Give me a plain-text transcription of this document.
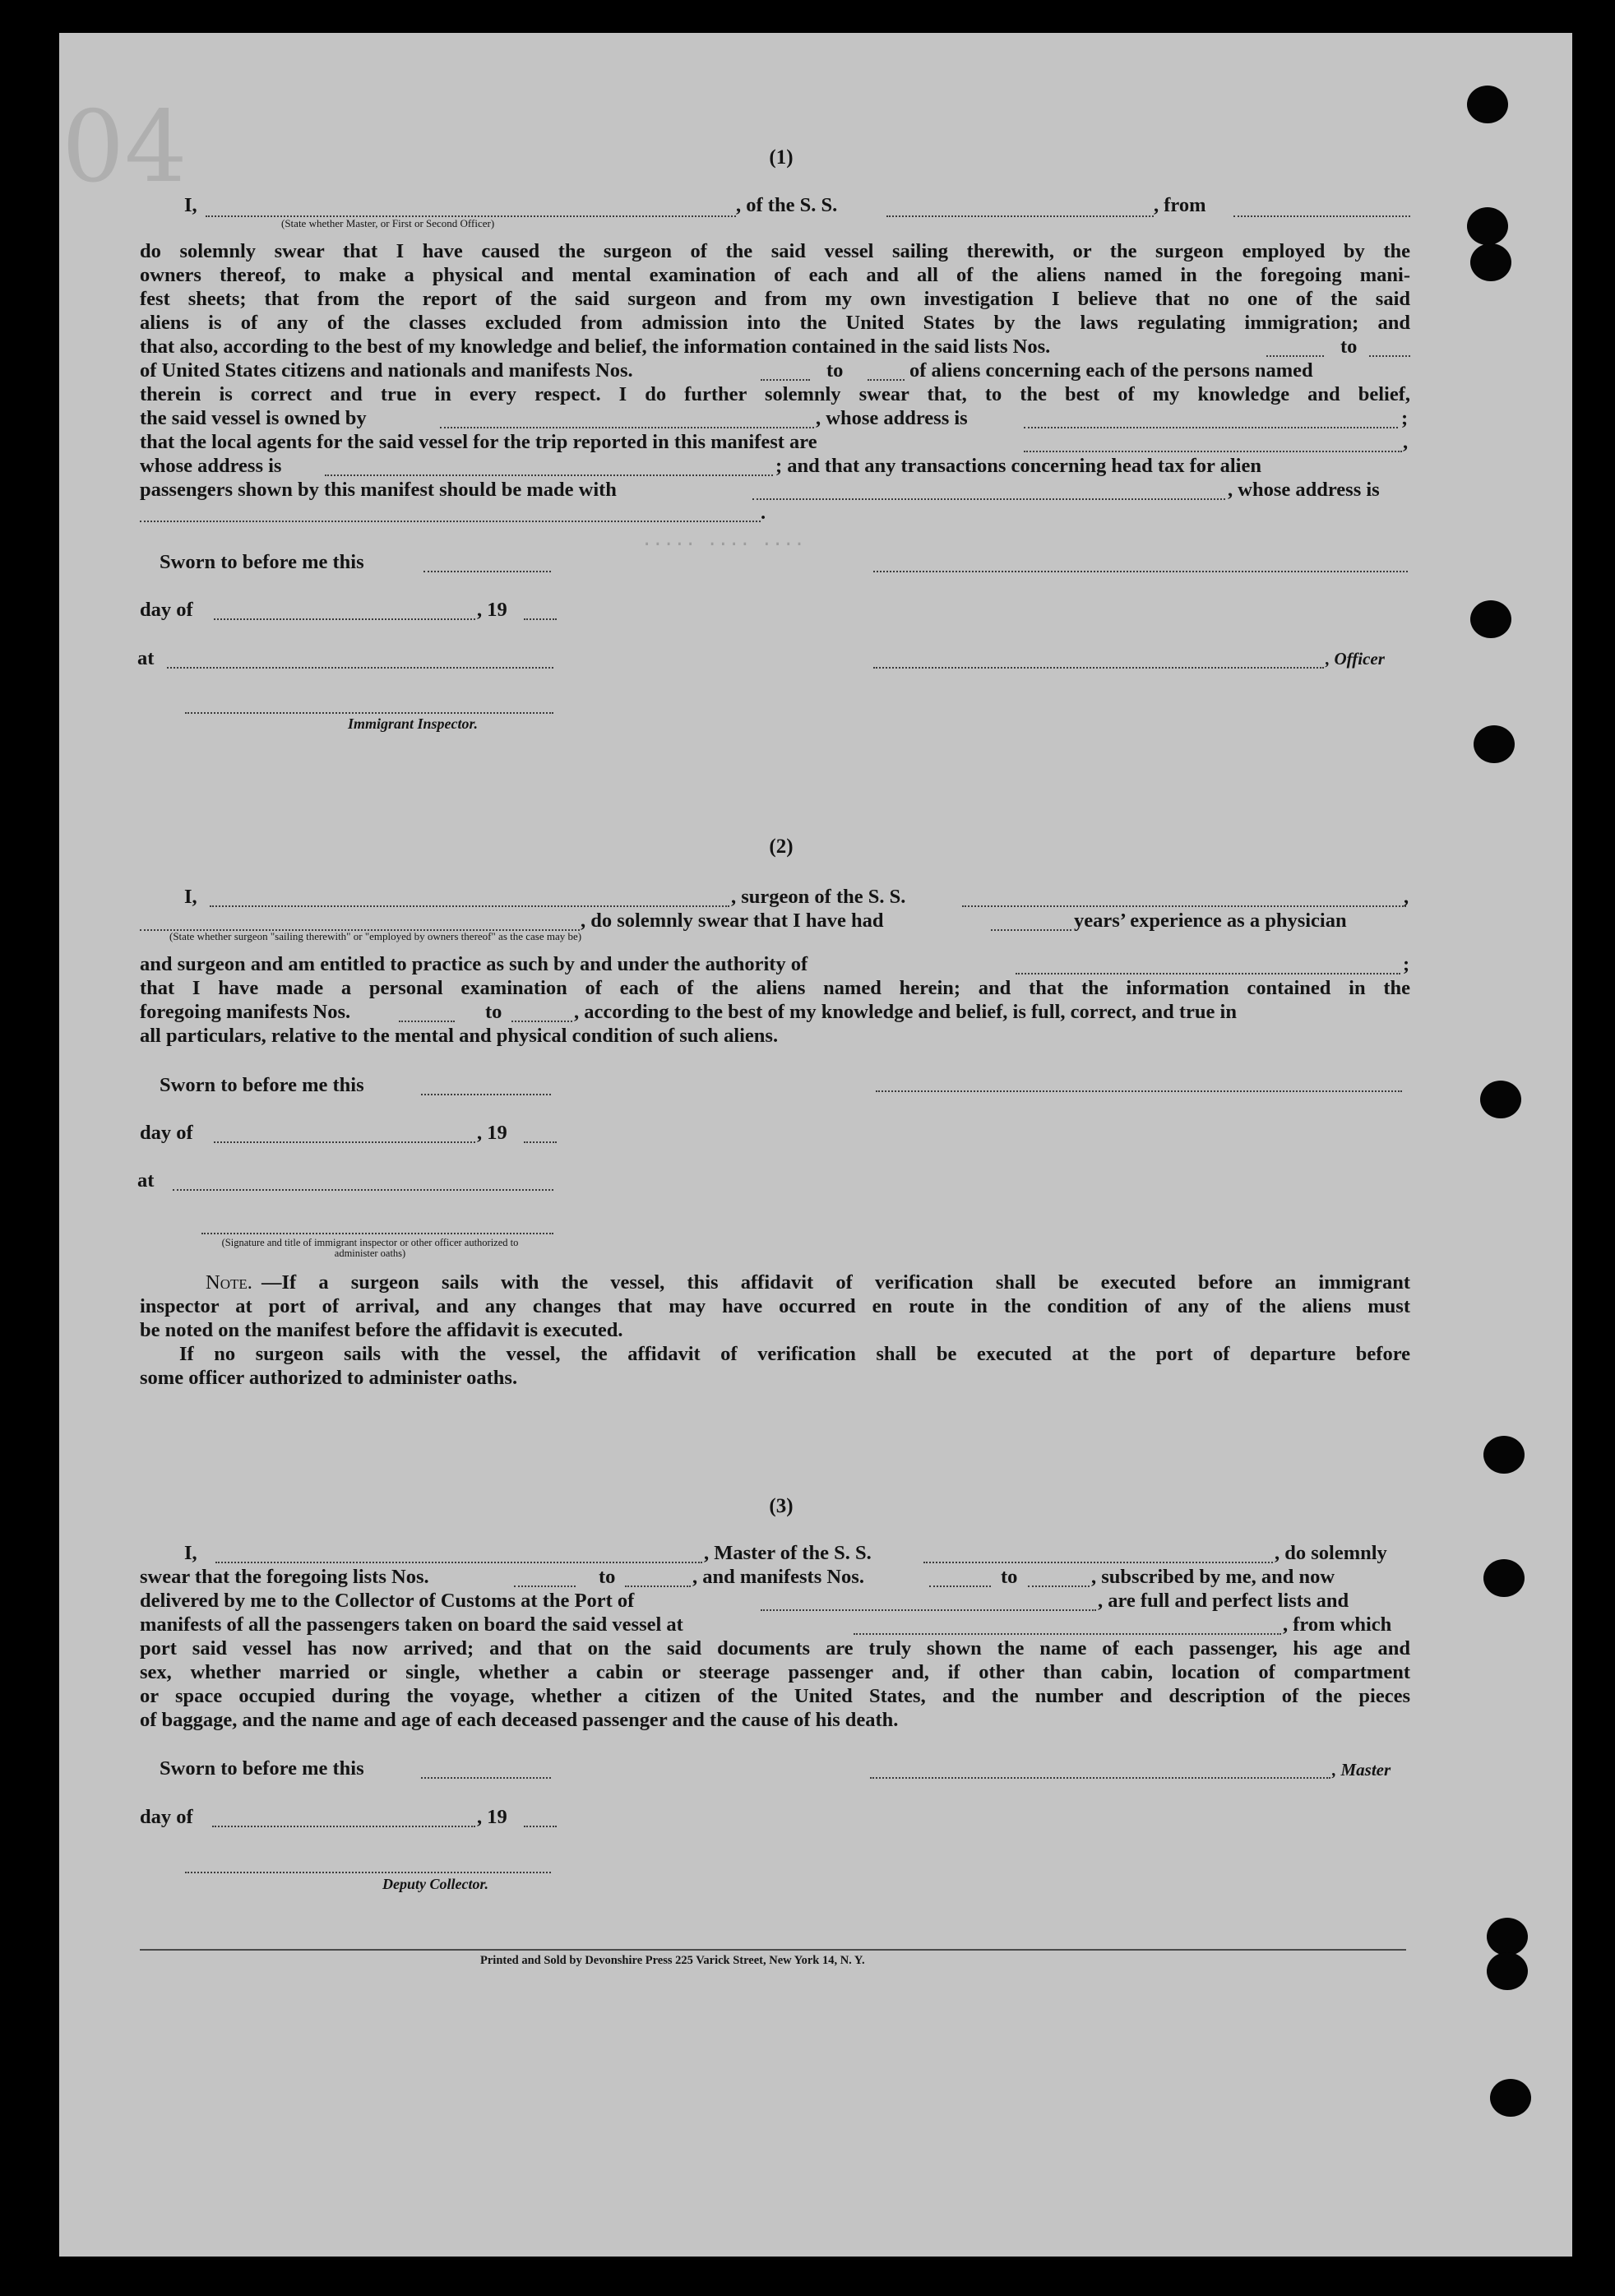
04
····· ···· ····
(1)
I,	, of the S. S.	, from
(State whether Master, or First or Second Officer)
do solemnly swear that I have caused the surgeon of the said vessel sailing therewith, or the surgeon employed by the
owners thereof, to make a physical and mental examination of each and all of the aliens named in the foregoing mani-
fest sheets; that from the report of the said surgeon and from my own investigation I believe that no one of the said
aliens is of any of the classes excluded from admission into the United States by the laws regulating immigration; and
that also, according to the best of my knowledge and belief, the information contained in the said lists Nos.	to
of United States citizens and nationals and manifests Nos.	to	of aliens concerning each of the persons named
therein is correct and true in every respect. I do further solemnly swear that, to the best of my knowledge and belief,
the said vessel is owned by	, whose address is	;
that the local agents for the said vessel for the trip reported in this manifest are	,
whose address is	; and that any transactions concerning head tax for alien
passengers shown by this manifest should be made with	, whose address is
.
Sworn to before me this
day of	, 19
at	, Officer
Immigrant Inspector.
(2)
I,	, surgeon of the S. S.	,
, do solemnly swear that I have had	years’ experience as a physician
(State whether surgeon "sailing therewith" or "employed by owners thereof" as the case may be)
and surgeon and am entitled to practice as such by and under the authority of	;
that I have made a personal examination of each of the aliens named herein; and that the information contained in the
foregoing manifests Nos.	to	, according to the best of my knowledge and belief, is full, correct, and true in
all particulars, relative to the mental and physical condition of such aliens.
Sworn to before me this
day of	, 19
at
(Signature and title of immigrant inspector or other officer authorized to administer oaths)
Note. —If a surgeon sails with the vessel, this affidavit of verification shall be executed before an immigrant
inspector at port of arrival, and any changes that may have occurred en route in the condition of any of the aliens must
be noted on the manifest before the affidavit is executed.
If no surgeon sails with the vessel, the affidavit of verification shall be executed at the port of departure before
some officer authorized to administer oaths.
(3)
I,	, Master of the S. S.	, do solemnly
swear that the foregoing lists Nos.	to	, and manifests Nos.	to	, subscribed by me, and now
delivered by me to the Collector of Customs at the Port of	, are full and perfect lists and
manifests of all the passengers taken on board the said vessel at	, from which
port said vessel has now arrived; and that on the said documents are truly shown the name of each passenger, his age and
sex, whether married or single, whether a cabin or steerage passenger and, if other than cabin, location of compartment
or space occupied during the voyage, whether a citizen of the United States, and the number and description of the pieces
of baggage, and the name and age of each deceased passenger and the cause of his death.
Sworn to before me this	, Master
day of	, 19
Deputy Collector.
Printed and Sold by Devonshire Press 225 Varick Street, New York 14, N. Y.
